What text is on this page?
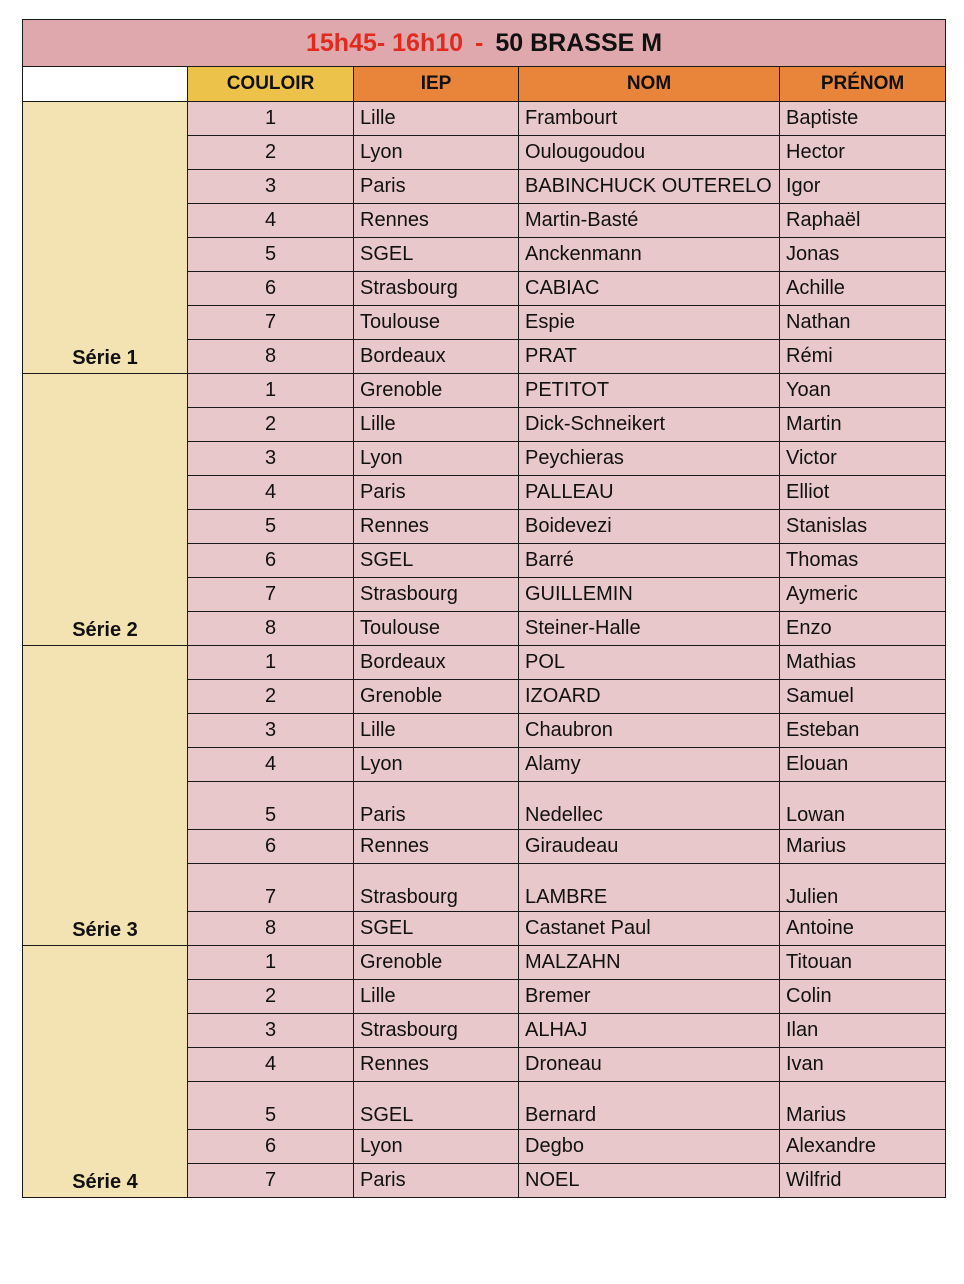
15h45- 16h10 - 50 BRASSE M				
	COULOIR	IEP	NOM	PRÉNOM
Série 1	1	Lille	Frambourt	Baptiste
	2	Lyon	Oulougoudou	Hector
	3	Paris	BABINCHUCK OUTERELO	Igor
	4	Rennes	Martin-Basté	Raphaël
	5	SGEL	Anckenmann	Jonas
	6	Strasbourg	CABIAC	Achille
	7	Toulouse	Espie	Nathan
	8	Bordeaux	PRAT	Rémi
Série 2	1	Grenoble	PETITOT	Yoan
	2	Lille	Dick-Schneikert	Martin
	3	Lyon	Peychieras	Victor
	4	Paris	PALLEAU	Elliot
	5	Rennes	Boidevezi	Stanislas
	6	SGEL	Barré	Thomas
	7	Strasbourg	GUILLEMIN	Aymeric
	8	Toulouse	Steiner-Halle	Enzo
Série 3	1	Bordeaux	POL	Mathias
	2	Grenoble	IZOARD	Samuel
	3	Lille	Chaubron	Esteban
	4	Lyon	Alamy	Elouan
	5	Paris	Nedellec	Lowan
	6	Rennes	Giraudeau	Marius
	7	Strasbourg	LAMBRE	Julien
	8	SGEL	Castanet Paul	Antoine
Série 4	1	Grenoble	MALZAHN	Titouan
	2	Lille	Bremer	Colin
	3	Strasbourg	ALHAJ	Ilan
	4	Rennes	Droneau	Ivan
	5	SGEL	Bernard	Marius
	6	Lyon	Degbo	Alexandre
	7	Paris	NOEL	Wilfrid
